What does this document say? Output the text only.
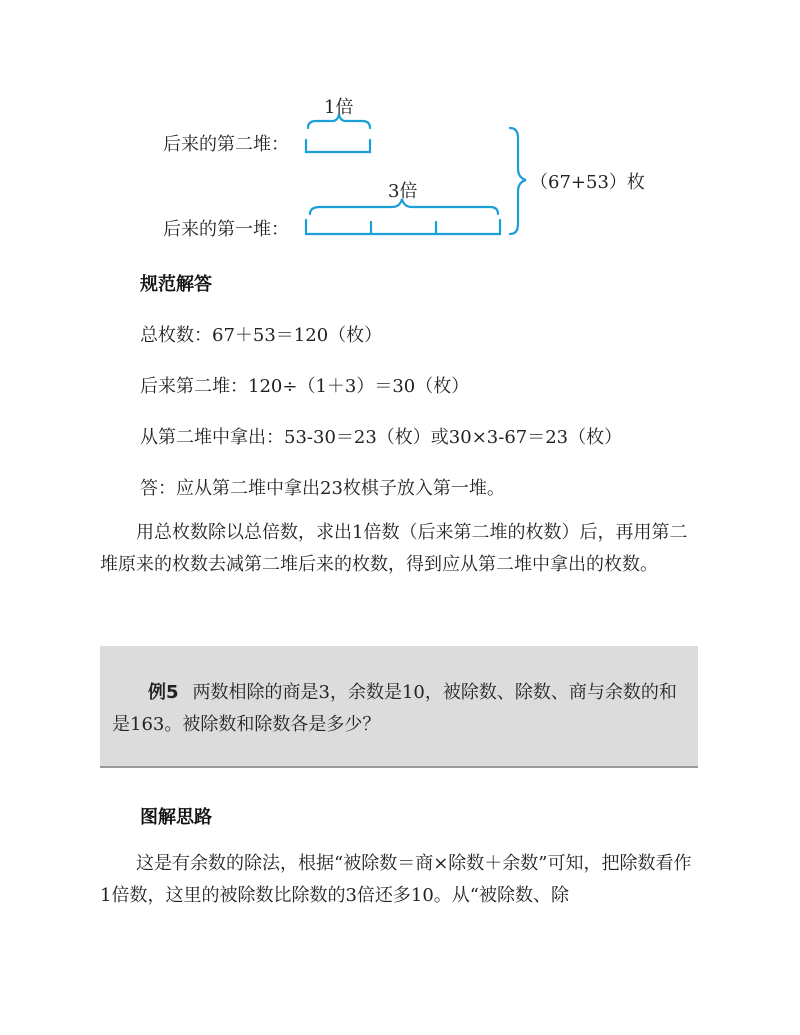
后来的第二堆：
后来的第一堆：
1倍
3倍	（67+53）枚
规范解答
总枚数：67＋53＝120（枚）
后来第二堆：120÷（1＋3）＝30（枚）
从第二堆中拿出：53-30＝23（枚）或30×3-67＝23（枚）
答：应从第二堆中拿出23枚棋子放入第一堆。
用总枚数除以总倍数，求出1倍数（后来第二堆的枚数）后，再用第二堆原来的枚数去减第二堆后来的枚数，得到应从第二堆中拿出的枚数。
例5 两数相除的商是3，余数是10，被除数、除数、商与余数的和是163。被除数和除数各是多少？
图解思路
这是有余数的除法，根据“被除数＝商×除数＋余数”可知，把除数看作1倍数，这里的被除数比除数的3倍还多10。从“被除数、除
